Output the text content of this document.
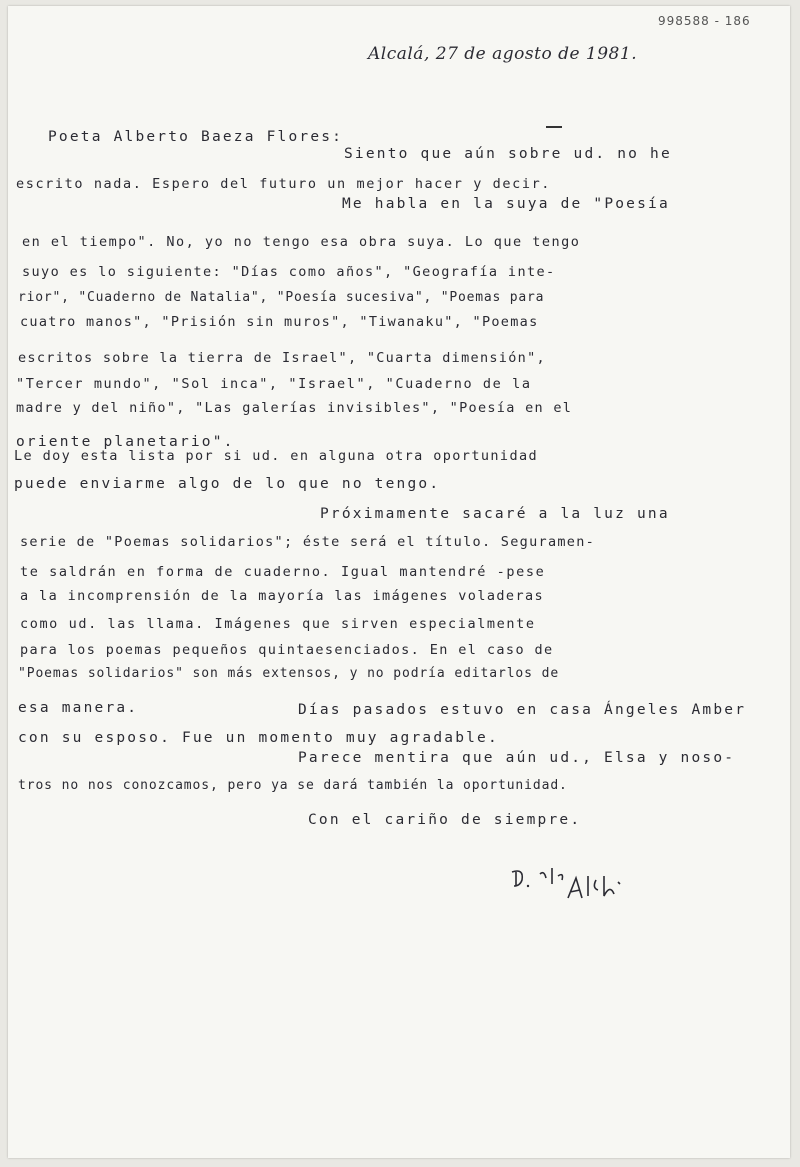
998588 - 186
Alcalá, 27 de agosto de 1981.
Poeta Alberto Baeza Flores:
Siento que aún sobre ud. no he
escrito nada. Espero del futuro un mejor hacer y decir.
Me habla en la suya de "Poesía
en el tiempo". No, yo no tengo esa obra suya. Lo que tengo
suyo es lo siguiente: "Días como años", "Geografía inte-
rior", "Cuaderno de Natalia", "Poesía sucesiva", "Poemas para
cuatro manos", "Prisión sin muros", "Tiwanaku", "Poemas
escritos sobre la tierra de Israel", "Cuarta dimensión",
"Tercer mundo", "Sol inca", "Israel", "Cuaderno de la
madre y del niño", "Las galerías invisibles", "Poesía en el
oriente planetario".
Le doy esta lista por si ud. en alguna otra oportunidad
puede enviarme algo de lo que no tengo.
Próximamente sacaré a la luz una
serie de "Poemas solidarios"; éste será el título. Seguramen-
te saldrán en forma de cuaderno. Igual mantendré -pese
a la incomprensión de la mayoría las imágenes voladeras
como ud. las llama. Imágenes que sirven especialmente
para los poemas pequeños quintaesenciados. En el caso de
"Poemas solidarios" son más extensos, y no podría editarlos de
esa manera.	Días pasados estuvo en casa Ángeles Amber
con su esposo. Fue un momento muy agradable.
Parece mentira que aún ud., Elsa y noso-
tros no nos conozcamos, pero ya se dará también la oportunidad.
Con el cariño de siempre.
